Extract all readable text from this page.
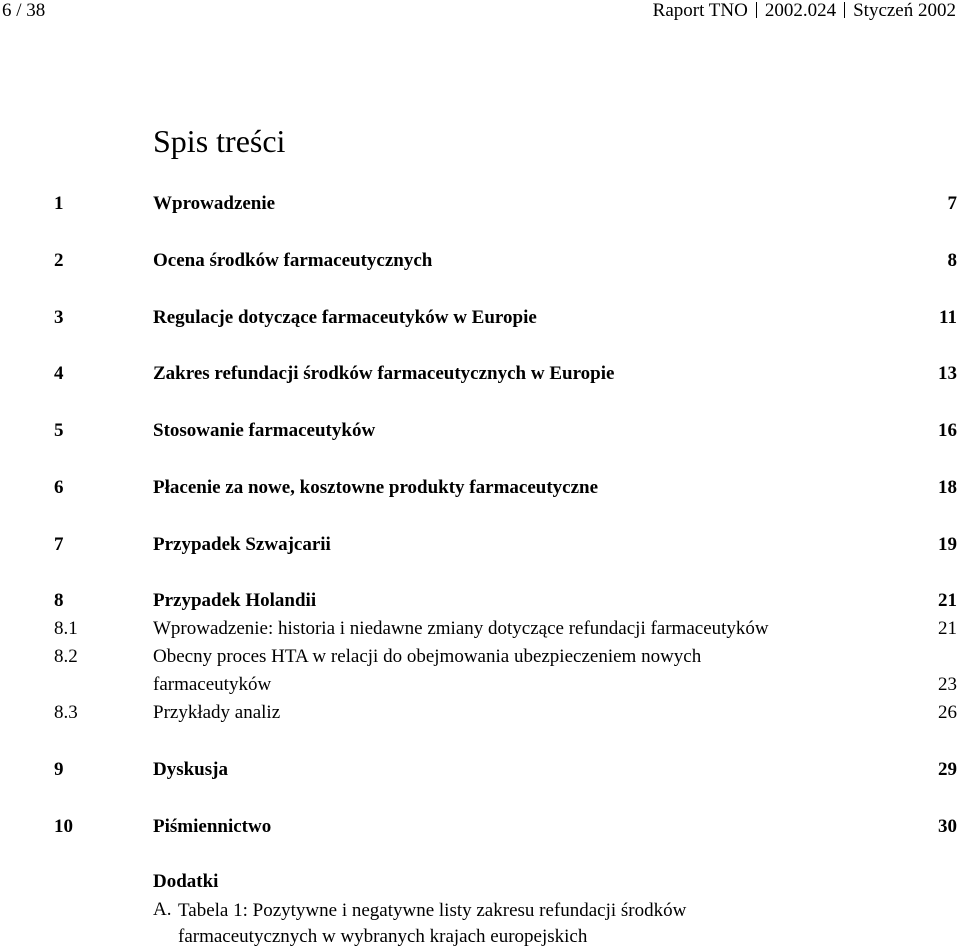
6 / 38	Raport TNO 2002.024 Styczeń 2002
Spis treści
1	Wprowadzenie	7
2	Ocena środków farmaceutycznych	8
3	Regulacje dotyczące farmaceutyków w Europie	11
4	Zakres refundacji środków farmaceutycznych w Europie	13
5	Stosowanie farmaceutyków	16
6	Płacenie za nowe, kosztowne produkty farmaceutyczne	18
7	Przypadek Szwajcarii	19
8	Przypadek Holandii	21
8.1	Wprowadzenie: historia i niedawne zmiany dotyczące refundacji farmaceutyków	21
8.2	Obecny proces HTA w relacji do obejmowania ubezpieczeniem nowych
farmaceutyków	23
8.3	Przykłady analiz	26
9	Dyskusja	29
10	Piśmiennictwo	30
Dodatki
A. Tabela 1: Pozytywne i negatywne listy zakresu refundacji środków
farmaceutycznych w wybranych krajach europejskich
